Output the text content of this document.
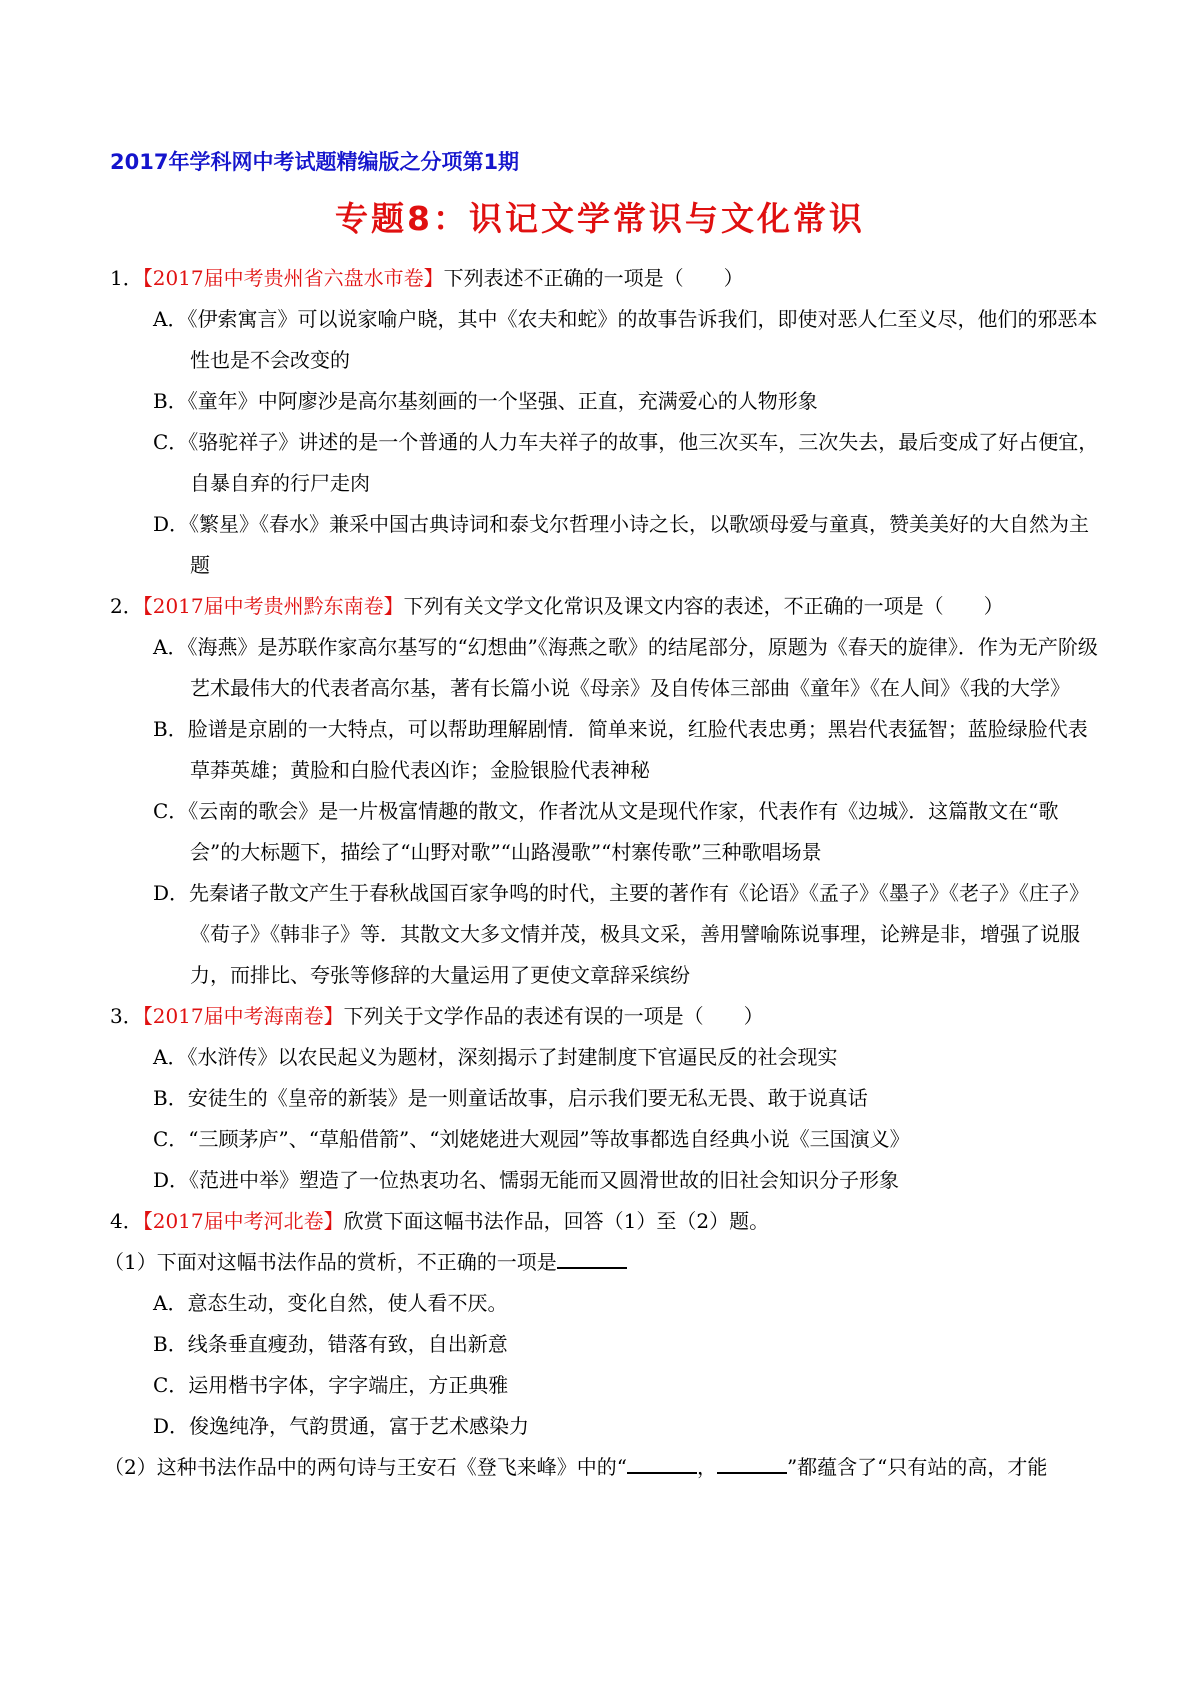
2017年学科网中考试题精编版之分项第1期
专题8：识记文学常识与文化常识
1．【2017届中考贵州省六盘水市卷】下列表述不正确的一项是（　　）
A．《伊索寓言》可以说家喻户晓，其中《农夫和蛇》的故事告诉我们，即使对恶人仁至义尽，他们的邪恶本性也是不会改变的
B．《童年》中阿廖沙是高尔基刻画的一个坚强、正直，充满爱心的人物形象
C．《骆驼祥子》讲述的是一个普通的人力车夫祥子的故事，他三次买车，三次失去，最后变成了好占便宜，自暴自弃的行尸走肉
D．《繁星》《春水》兼采中国古典诗词和泰戈尔哲理小诗之长，以歌颂母爱与童真，赞美美好的大自然为主题
2．【2017届中考贵州黔东南卷】下列有关文学文化常识及课文内容的表述，不正确的一项是（　　）
A．《海燕》是苏联作家高尔基写的“幻想曲”《海燕之歌》的结尾部分，原题为《春天的旋律》．作为无产阶级艺术最伟大的代表者高尔基，著有长篇小说《母亲》及自传体三部曲《童年》《在人间》《我的大学》
B．脸谱是京剧的一大特点，可以帮助理解剧情．简单来说，红脸代表忠勇；黑岩代表猛智；蓝脸绿脸代表草莽英雄；黄脸和白脸代表凶诈；金脸银脸代表神秘
C．《云南的歌会》是一片极富情趣的散文，作者沈从文是现代作家，代表作有《边城》．这篇散文在“歌会”的大标题下，描绘了“山野对歌”“山路漫歌”“村寨传歌”三种歌唱场景
D．先秦诸子散文产生于春秋战国百家争鸣的时代，主要的著作有《论语》《孟子》《墨子》《老子》《庄子》《荀子》《韩非子》等．其散文大多文情并茂，极具文采，善用譬喻陈说事理，论辨是非，增强了说服力，而排比、夸张等修辞的大量运用了更使文章辞采缤纷
3．【2017届中考海南卷】下列关于文学作品的表述有误的一项是（　　）
A．《水浒传》以农民起义为题材，深刻揭示了封建制度下官逼民反的社会现实
B．安徒生的《皇帝的新装》是一则童话故事，启示我们要无私无畏、敢于说真话
C．“三顾茅庐”、“草船借箭”、“刘姥姥进大观园”等故事都选自经典小说《三国演义》
D．《范进中举》塑造了一位热衷功名、懦弱无能而又圆滑世故的旧社会知识分子形象
4．【2017届中考河北卷】欣赏下面这幅书法作品，回答（1）至（2）题。
（1）下面对这幅书法作品的赏析，不正确的一项是
A．意态生动，变化自然，使人看不厌。
B．线条垂直瘦劲，错落有致，自出新意
C．运用楷书字体，字字端庄，方正典雅
D．俊逸纯净，气韵贯通，富于艺术感染力
（2）这种书法作品中的两句诗与王安石《登飞来峰》中的“	，	”都蕴含了“只有站的高，才能
